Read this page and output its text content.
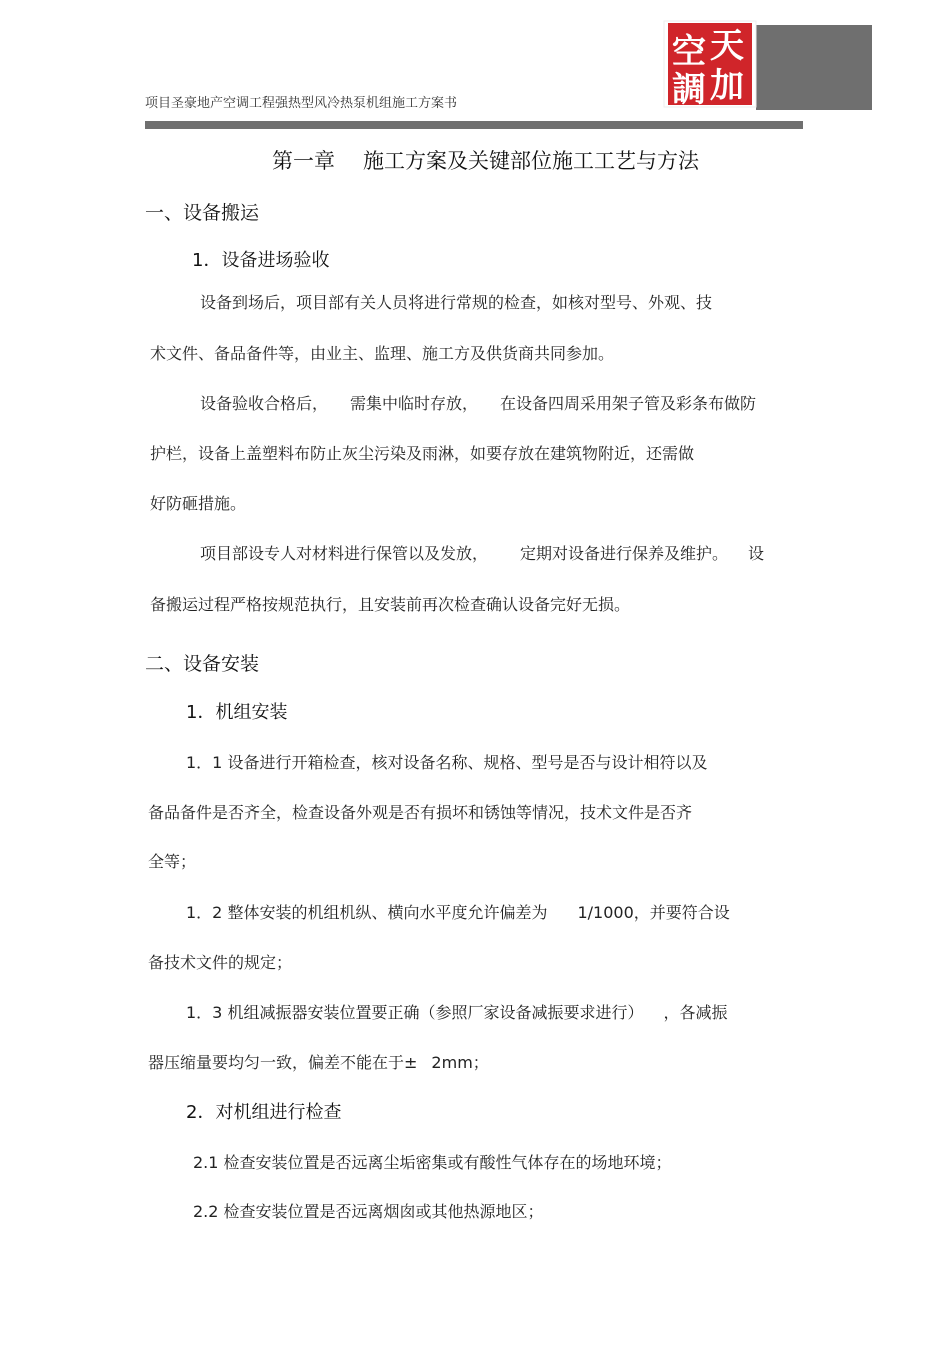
项目圣豪地产空调工程强热型风冷热泵机组施工方案书
空 天
調 加
第一章 施工方案及关键部位施工工艺与方法
一、设备搬运
1．设备进场验收
设备到场后，项目部有关人员将进行常规的检查，如核对型号、外观、技
术文件、备品备件等，由业主、监理、施工方及供货商共同参加。
设备验收合格后， 需集中临时存放， 在设备四周采用架子管及彩条布做防
护栏，设备上盖塑料布防止灰尘污染及雨淋，如要存放在建筑物附近，还需做
好防砸措施。
项目部设专人对材料进行保管以及发放， 定期对设备进行保养及维护。 设
备搬运过程严格按规范执行，且安装前再次检查确认设备完好无损。
二、设备安装
1．机组安装
1．1 设备进行开箱检查，核对设备名称、规格、型号是否与设计相符以及
备品备件是否齐全，检查设备外观是否有损坏和锈蚀等情况，技术文件是否齐
全等；
1．2 整体安装的机组机纵、横向水平度允许偏差为 1/1000，并要符合设
备技术文件的规定；
1．3 机组减振器安装位置要正确（参照厂家设备减振要求进行） ，各减振
器压缩量要均匀一致，偏差不能在于± 2mm；
2．对机组进行检查
2.1 检查安装位置是否远离尘垢密集或有酸性气体存在的场地环境；
2.2 检查安装位置是否远离烟囱或其他热源地区；
